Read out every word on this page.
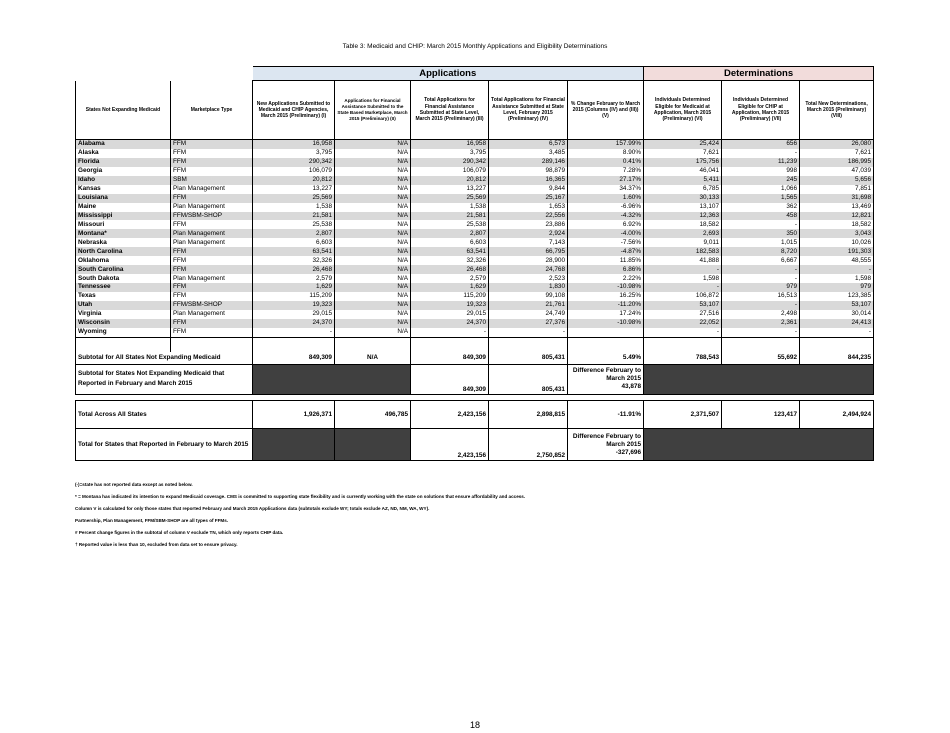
Table 3: Medicaid and CHIP: March 2015 Monthly Applications and Eligibility Determinations
		Applications					Determinations		
States Not Expanding Medicaid	Marketplace Type	New Applications Submitted to Medicaid and CHIP Agencies, March 2015 (Preliminary) (I)	Applications for Financial Assistance Submitted to the State Based Marketplace, March 2015 (Preliminary) (II)	Total Applications for Financial Assistance Submitted at State Level, March 2015 (Preliminary) (III)	Total Applications for Financial Assistance Submitted at State Level, February 2015 (Preliminary) (IV)	% Change February to March 2015 (Columns (IV) and (III)) (V)	Individuals Determined Eligible for Medicaid at Application, March 2015 (Preliminary) (VI)	Individuals Determined Eligible for CHIP at Application, March 2015 (Preliminary) (VII)	Total New Determinations, March 2015 (Preliminary) (VIII)
Alabama	FFM	16,958	N/A	16,958	6,573	157.99%	25,424	656	26,080
Alaska	FFM	3,795	N/A	3,795	3,485	8.90%	7,621	-	7,621
Florida	FFM	290,342	N/A	290,342	289,146	0.41%	175,756	11,239	186,995
Georgia	FFM	106,079	N/A	106,079	98,879	7.28%	46,041	998	47,039
Idaho	SBM	20,812	N/A	20,812	16,365	27.17%	5,411	245	5,656
Kansas	Plan Management	13,227	N/A	13,227	9,844	34.37%	6,785	1,066	7,851
Louisiana	FFM	25,569	N/A	25,569	25,167	1.60%	30,133	1,565	31,698
Maine	Plan Management	1,538	N/A	1,538	1,653	-6.96%	13,107	362	13,469
Mississippi	FFM/SBM-SHOP	21,581	N/A	21,581	22,556	-4.32%	12,363	458	12,821
Missouri	FFM	25,538	N/A	25,538	23,886	6.92%	18,582	-	18,582
Montana*	Plan Management	2,807	N/A	2,807	2,924	-4.00%	2,693	350	3,043
Nebraska	Plan Management	6,603	N/A	6,603	7,143	-7.56%	9,011	1,015	10,026
North Carolina	FFM	63,541	N/A	63,541	66,795	-4.87%	182,583	8,720	191,303
Oklahoma	FFM	32,326	N/A	32,326	28,900	11.85%	41,888	6,667	48,555
South Carolina	FFM	26,468	N/A	26,468	24,768	6.86%	-	-	-
South Dakota	Plan Management	2,579	N/A	2,579	2,523	2.22%	1,598	-	1,598
Tennessee	FFM	1,629	N/A	1,629	1,830	-10.98%	-	979	979
Texas	FFM	115,209	N/A	115,209	99,108	16.25%	106,872	16,513	123,385
Utah	FFM/SBM-SHOP	19,323	N/A	19,323	21,761	-11.20%	53,107	-	53,107
Virginia	Plan Management	29,015	N/A	29,015	24,749	17.24%	27,516	2,498	30,014
Wisconsin	FFM	24,370	N/A	24,370	27,376	-10.98%	22,052	2,361	24,413
Wyoming	FFM	-	N/A	-	-		-	-	-

Subtotal for All States Not Expanding Medicaid		849,309	N/A	849,309	805,431	5.49%	788,543	55,692	844,235
Subtotal for States Not Expanding Medicaid that Reported in February and March 2015				849,309	805,431	Difference February to March 2015
43,878			

Total Across All States	1,926,371	496,785	2,423,156	2,898,815	-11.91%	2,371,507	123,417	2,494,924
Total for States that Reported in February to March 2015			2,423,156	2,750,852	Difference February to March 2015
-327,696			

(-)=state has not reported data except as noted below.
* = Montana has indicated its intention to expand Medicaid coverage. CMS is committed to supporting state flexibility and is currently working with the state on solutions that ensure affordability and access.
Column V is calculated for only those states that reported February and March 2015 Applications data (subtotals exclude WY; totals exclude AZ, ND, NM, WA, WY).
Partnership, Plan Management, FFM/SBM-SHOP are all types of FFMs.
# Percent change figures in the subtotal of column V exclude TN, which only reports CHIP data.
† Reported value is less than 10, excluded from data set to ensure privacy.
18
